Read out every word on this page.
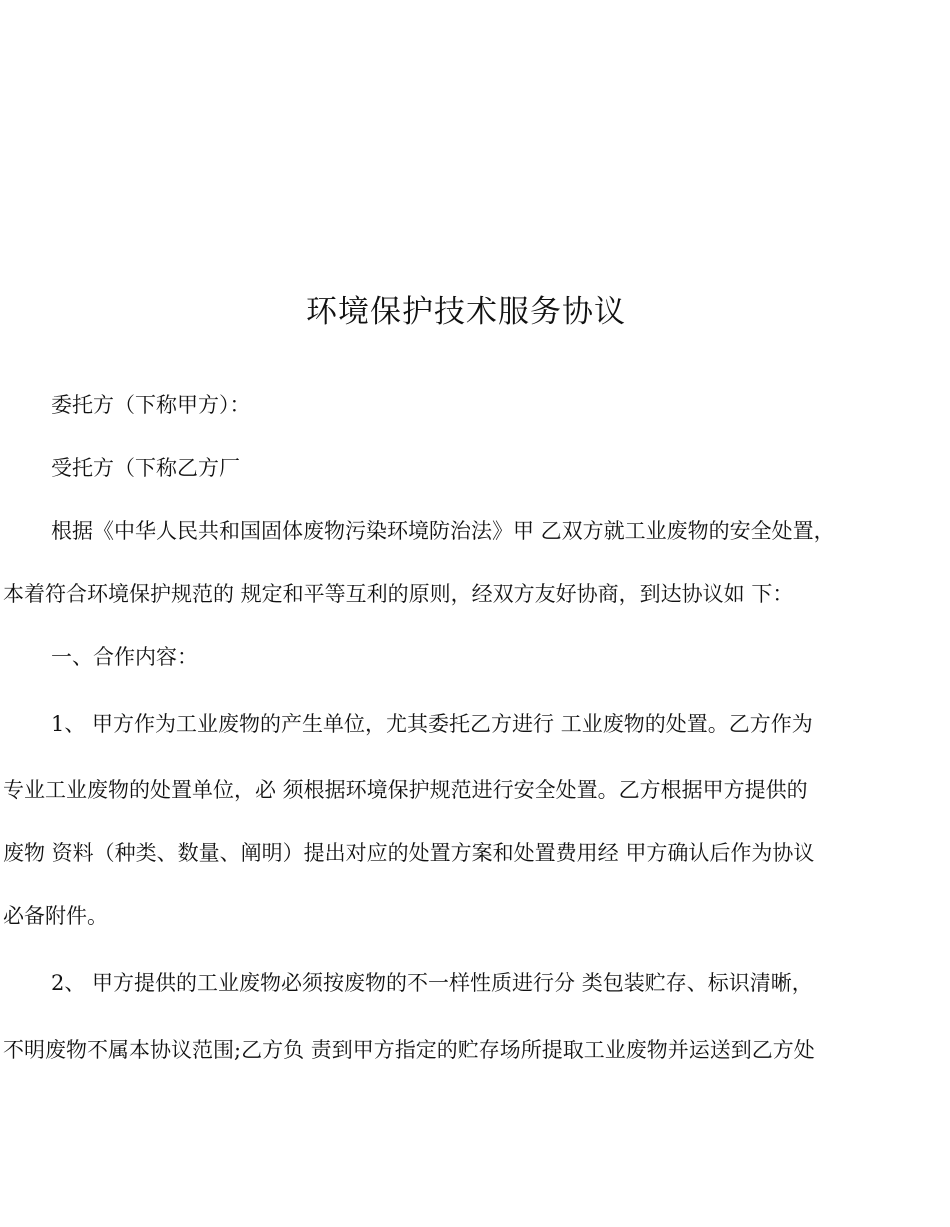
环境保护技术服务协议
委托方（下称甲方）：
受托方（下称乙方厂
根据《中华人民共和国固体废物污染环境防治法》甲 乙双方就工业废物的安全处置，
本着符合环境保护规范的 规定和平等互利的原则，经双方友好协商，到达协议如 下：
一、合作内容：
1、 甲方作为工业废物的产生单位，尤其委托乙方进行 工业废物的处置。乙方作为
专业工业废物的处置单位，必 须根据环境保护规范进行安全处置。乙方根据甲方提供的
废物 资料（种类、数量、阐明）提出对应的处置方案和处置费用经 甲方确认后作为协议
必备附件。
2、 甲方提供的工业废物必须按废物的不一样性质进行分 类包装贮存、标识清晰，
不明废物不属本协议范围;乙方负 责到甲方指定的贮存场所提取工业废物并运送到乙方处
